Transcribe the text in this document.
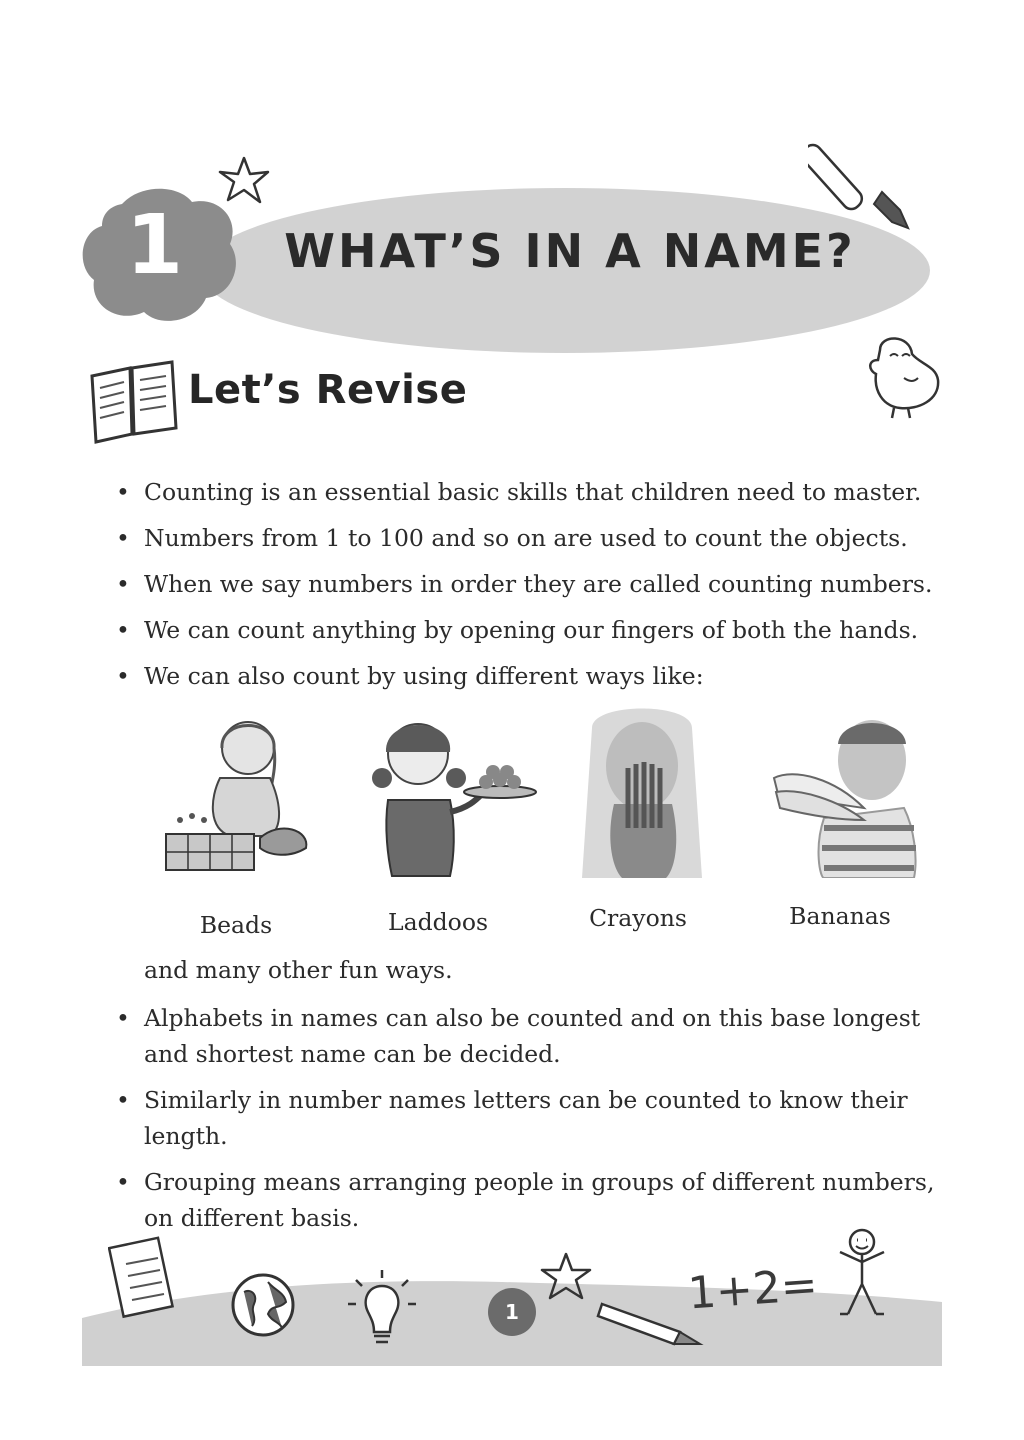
1	WHAT’S IN A NAME?
Let’s Revise
• Counting is an essential basic skills that children need to master.
• Numbers from 1 to 100 and so on are used to count the objects.
• When we say numbers in order they are called counting numbers.
• We can count anything by opening our fingers of both the hands.
• We can also count by using different ways like:
Beads	Laddoos	Crayons	Bananas
and many other fun ways.
• Alphabets in names can also be counted and on this base longest and shortest name can be decided.
• Similarly in number names letters can be counted to know their length.
• Grouping means arranging people in groups of different numbers, on different basis.
1	1+2=
